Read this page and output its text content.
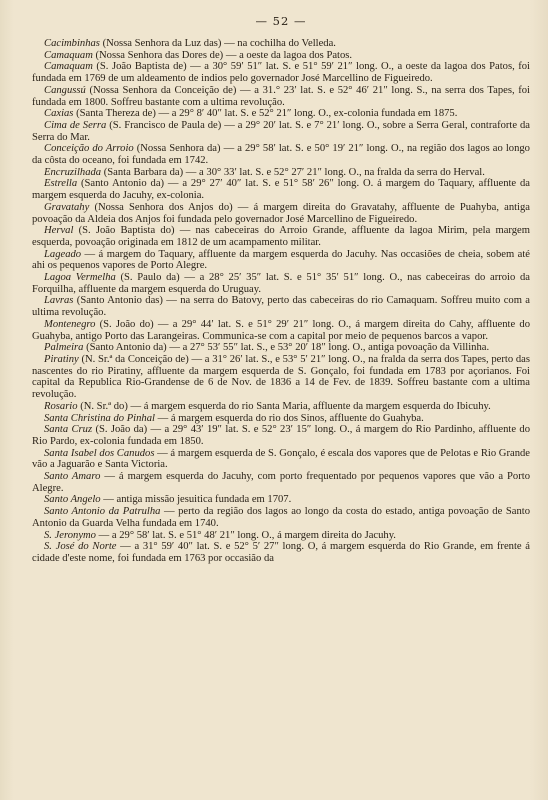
— 52 —

Cacimbinhas (Nossa Senhora da Luz das) — na cochilha do Velleda.

Camaquam (Nossa Senhora das Dores de) — a oeste da lagoa dos Patos.

Camaquam (S. João Baptista de) — a 30° 59′ 51″ lat. S. e 51° 59′ 21″ long. O., a oeste da lagoa dos Patos, foi fundada em 1769 de um aldeamento de indios pelo governador José Marcellino de Figueiredo.

Cangussú (Nossa Senhora da Conceição de) — a 31.° 23′ lat. S. e 52° 46′ 21″ long. S., na serra dos Tapes, foi fundada em 1800. Soffreu bastante com a ultima revolução.

Caxias (Santa Thereza de) — a 29° 8′ 40″ lat. S. e 52° 21″ long. O., ex-colonia fundada em 1875.

Cima de Serra (S. Francisco de Paula de) — a 29° 20′ lat. S. e 7° 21′ long. O., sobre a Serra Geral, contraforte da Serra do Mar.

Conceição do Arroio (Nossa Senhora da) — a 29° 58′ lat. S. e 50° 19′ 21″ long. O., na região dos lagos ao longo da côsta do oceano, foi fundada em 1742.

Encruzilhada (Santa Barbara da) — a 30° 33′ lat. S. e 52° 27′ 21″ long. O., na fralda da serra do Herval.

Estrella (Santo Antonio da) — a 29° 27′ 40″ lat. S. e 51° 58′ 26″ long. O. á margem do Taquary, affluente da margem esquerda do Jacuhy, ex-colonia.

Gravatahy (Nossa Senhora dos Anjos do) — á margem direita do Gravatahy, affluente de Puahyba, antiga povoação da Aldeia dos Anjos foi fundada pelo governador José Marcellino de Figueiredo.

Herval (S. João Baptista do) — nas cabeceiras do Arroio Grande, affluente da lagoa Mirim, pela margem esquerda, povoação originada em 1812 de um acampamento militar.

Lageado — á margem do Taquary, affluente da margem esquerda do Jacuhy. Nas occasiões de cheia, sobem até ahi os pequenos vapores de Porto Alegre.

Lagoa Vermelha (S. Paulo da) — a 28° 25′ 35″ lat. S. e 51° 35′ 51″ long. O., nas cabeceiras do arroio da Forquilha, affluente da margem esquerda do Uruguay.

Lavras (Santo Antonio das) — na serra do Batovy, perto das cabeceiras do rio Camaquam. Soffreu muito com a ultima revolução.

Montenegro (S. João do) — a 29° 44′ lat. S. e 51° 29′ 21″ long. O., á margem direita do Cahy, affluente do Guahyba, antigo Porto das Larangeiras. Communica-se com a capital por meio de pequenos barcos a vapor.

Palmeira (Santo Antonio da) — a 27° 53′ 55″ lat. S., e 53° 20′ 18″ long. O., antiga povoação da Villinha.

Piratiny (N. Sr.ª da Conceição de) — a 31° 26′ lat. S., e 53° 5′ 21″ long. O., na fralda da serra dos Tapes, perto das nascentes do rio Piratiny, affluente da margem esquerda de S. Gonçalo, foi fundada em 1783 por açorianos. Foi capital da Republica Rio-Grandense de 6 de Nov. de 1836 a 14 de Fev. de 1839. Soffreu bastante com a ultima revolução.

Rosario (N. Sr.ª do) — á margem esquerda do rio Santa Maria, affluente da margem esquerda do Ibicuhy.

Santa Christina do Pinhal — á margem esquerda do rio dos Sinos, affluente do Guahyba.

Santa Cruz (S. João da) — a 29° 43′ 19″ lat. S. e 52° 23′ 15″ long. O., á margem do Rio Pardinho, affluente do Rio Pardo, ex-colonia fundada em 1850.

Santa Isabel dos Canudos — á margem esquerda de S. Gonçalo, é escala dos vapores que de Pelotas e Rio Grande vão a Jaguarão e Santa Victoria.

Santo Amaro — á margem esquerda do Jacuhy, com porto frequentado por pequenos vapores que vão a Porto Alegre.

Santo Angelo — antiga missão jesuitica fundada em 1707.

Santo Antonio da Patrulha — perto da região dos lagos ao longo da costa do estado, antiga povoação de Santo Antonio da Guarda Velha fundada em 1740.

S. Jeronymo — a 29° 58′ lat. S. e 51° 48′ 21″ long. O., á margem direita do Jacuhy.

S. José do Norte — a 31° 59′ 40″ lat. S. e 52° 5′ 27″ long. O, á margem esquerda do Rio Grande, em frente á cidade d'este nome, foi fundada em 1763 por occasião da
